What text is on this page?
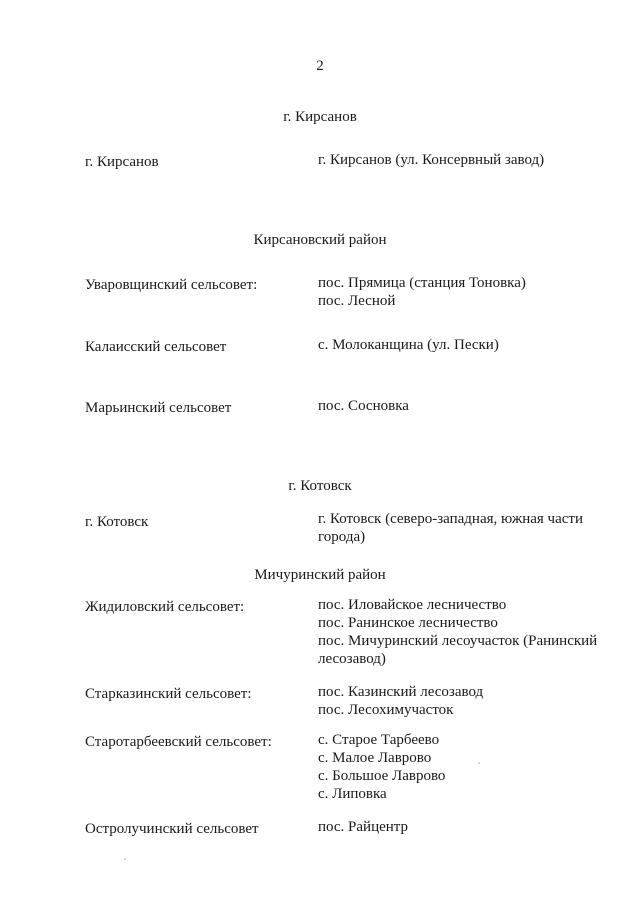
2
г. Кирсанов
г. Кирсанов	г. Кирсанов (ул. Консервный завод)
Кирсановский район
Уваровщинский сельсовет:	пос. Прямица (станция Тоновка)
пос. Лесной
Калаисский сельсовет	с. Молоканщина (ул. Пески)
Марьинский сельсовет	пос. Сосновка
г. Котовск
г. Котовск	г. Котовск (северо-западная, южная части
города)
Мичуринский район
Жидиловский сельсовет:	пос. Иловайское лесничество
пос. Ранинское лесничество
пос. Мичуринский лесоучасток (Ранинский
лесозавод)
Старказинский сельсовет:	пос. Казинский лесозавод
пос. Лесохимучасток
Старотарбеевский сельсовет:	с. Старое Тарбеево
с. Малое Лаврово
с. Большое Лаврово
с. Липовка
Остролучинский сельсовет	пос. Райцентр
